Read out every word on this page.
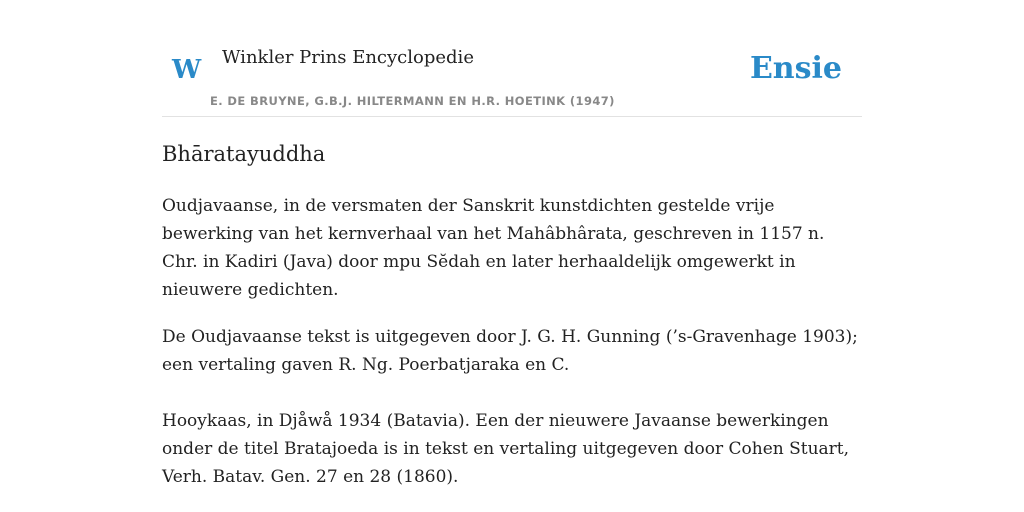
W Winkler Prins Encyclopedie
E. DE BRUYNE, G.B.J. HILTERMANN EN H.R. HOETINK (1947)
Ensie
Bhāratayuddha

Oudjavaanse, in de versmaten der Sanskrit kunstdichten gestelde vrije bewerking van het kernverhaal van het Mahâbhârata, geschreven in 1157 n. Chr. in Kadiri (Java) door mpu Sĕdah en later herhaaldelijk omgewerkt in nieuwere gedichten.

De Oudjavaanse tekst is uitgegeven door J. G. H. Gunning (’s-Gravenhage 1903); een vertaling gaven R. Ng. Poerbatjaraka en C.

Hooykaas, in Djåwå 1934 (Batavia). Een der nieuwere Javaanse bewerkingen onder de titel Bratajoeda is in tekst en vertaling uitgegeven door Cohen Stuart, Verh. Batav. Gen. 27 en 28 (1860).
